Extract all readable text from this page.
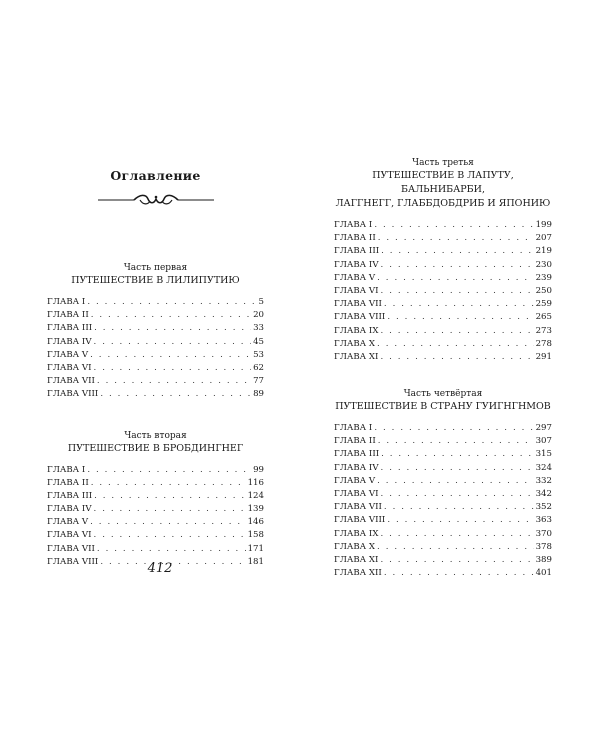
Оглавление

Часть первая

ПУТЕШЕСТВИЕ В ЛИЛИПУТИЮ

ГЛАВА I . . .	5
ГЛАВА II . . .	20
ГЛАВА III . . .	33
ГЛАВА IV . . .	45
ГЛАВА V . . .	53
ГЛАВА VI . . .	62
ГЛАВА VII . . .	77
ГЛАВА VIII . . .	89

Часть вторая

ПУТЕШЕСТВИЕ В БРОБДИНГНЕГ

ГЛАВА I . . .	99
ГЛАВА II . . .	116
ГЛАВА III . . .	124
ГЛАВА IV . . .	139
ГЛАВА V . . .	146
ГЛАВА VI . . .	158
ГЛАВА VII . . .	171
ГЛАВА VIII . . .	181
412

Часть третья

ПУТЕШЕСТВИЕ В ЛАПУТУ, БАЛЬНИБАРБИ,

ЛАГГНЕГГ, ГЛАББДОБДРИБ И ЯПОНИЮ

ГЛАВА I . . .	199
ГЛАВА II . . .	207
ГЛАВА III . . .	219
ГЛАВА IV . . .	230
ГЛАВА V . . .	239
ГЛАВА VI . . .	250
ГЛАВА VII . . .	259
ГЛАВА VIII . . .	265
ГЛАВА IX . . .	273
ГЛАВА X . . .	278
ГЛАВА XI . . .	291

Часть четвёртая

ПУТЕШЕСТВИЕ В СТРАНУ ГУИГНГНМОВ

ГЛАВА I . . .	297
ГЛАВА II . . .	307
ГЛАВА III . . .	315
ГЛАВА IV . . .	324
ГЛАВА V . . .	332
ГЛАВА VI . . .	342
ГЛАВА VII . . .	352
ГЛАВА VIII . . .	363
ГЛАВА IX . . .	370
ГЛАВА X . . .	378
ГЛАВА XI . . .	389
ГЛАВА XII . . .	401
